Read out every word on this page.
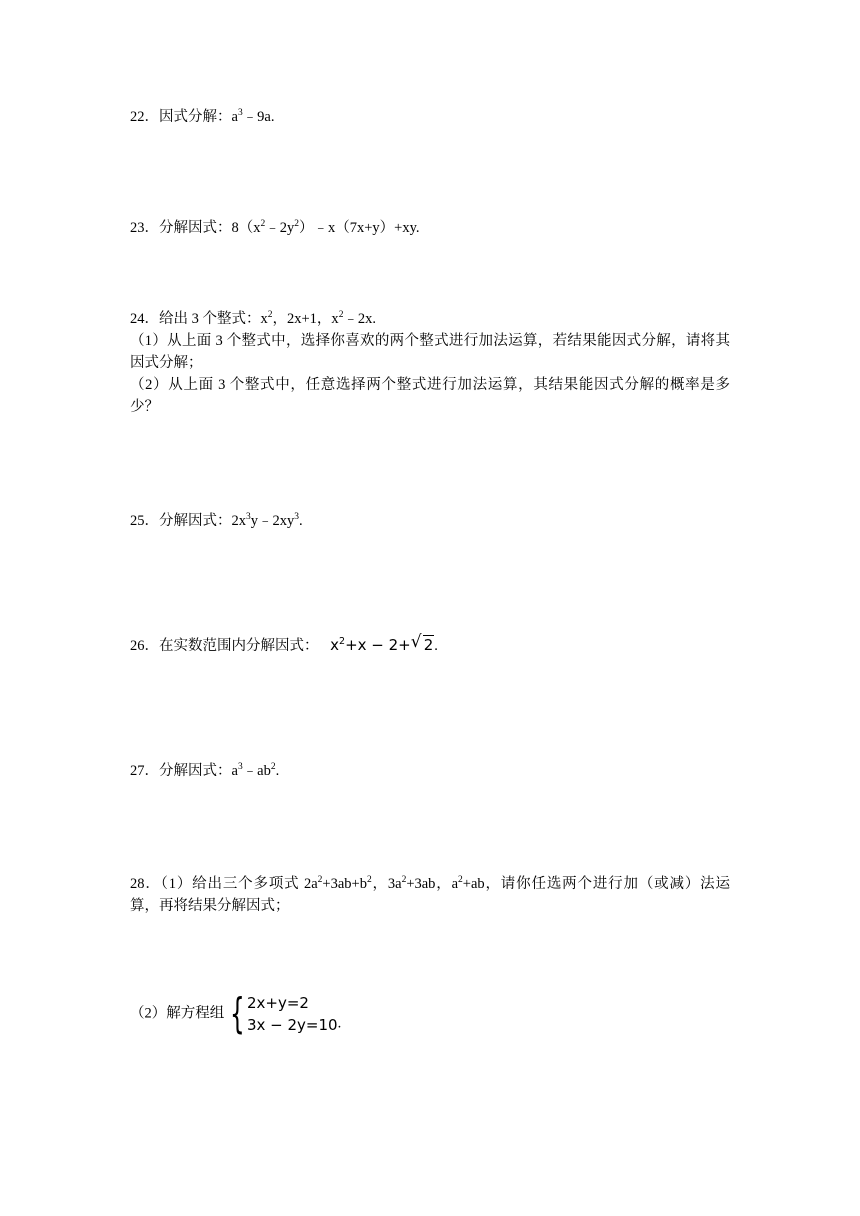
22．因式分解：$a^3﹣9a$.
23．分解因式：$8(x^2﹣2y^2)﹣x(7x+y)+xy$.
24．给出 3 个整式：$x^2$，2x+1，$x^2﹣2x$.
（1）从上面 3 个整式中，选择你喜欢的两个整式进行加法运算，若结果能因式分解，请将其因式分解；
（2）从上面 3 个整式中，任意选择两个整式进行加法运算，其结果能因式分解的概率是多少？
25．分解因式：$2x^3y﹣2xy^3$.
26．在实数范围内分解因式： $x^2+x - 2+$ √ 2.
27．分解因式：$a^3﹣ab^2$.
28．（1）给出三个多项式 $2a^2+3ab+b^2$，$3a^2+3ab$，$a^2+ab$，请你任选两个进行加（或减）法运算，再将结果分解因式；
（2）解方程组 { 2x+y=2
3x − 2y=10 .
